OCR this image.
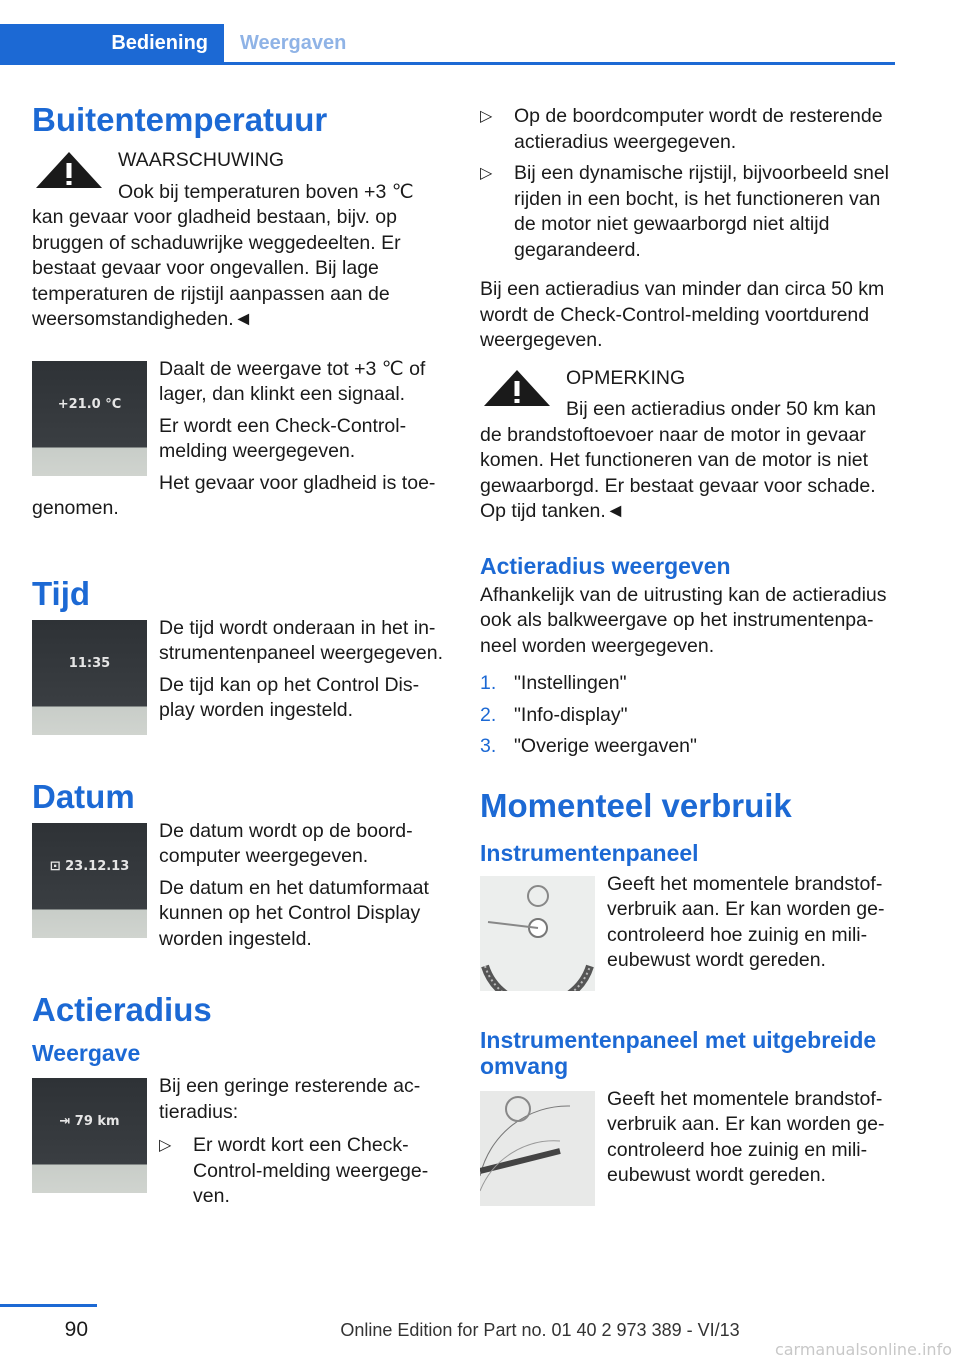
Bediening	Weergaven
Buitentemperatuur

WAARSCHUWING

Ook bij temperaturen boven +3 ℃ kan gevaar voor gladheid bestaan, bijv. op bruggen of schaduwrijke weggedeelten. Er bestaat gevaar voor ongevallen. Bij lage temperaturen de rijstijl aanpassen aan de weersomstandigheden.◄

+21.0 °C

Daalt de weergave tot +3 ℃ of lager, dan klinkt een signaal.

Er wordt een Check-Control-melding weergegeven.

Het gevaar voor gladheid is toegenomen.

Tijd
11:35

De tijd wordt onderaan in het instrumentenpaneel weergegeven.

De tijd kan op het Control Display worden ingesteld.

Datum
⊡ 23.12.13

De datum wordt op de boordcomputer weergegeven.

De datum en het datumformaat kunnen op het Control Display worden ingesteld.

Actieradius
Weergave
⇥ 79 km

Bij een geringe resterende actieradius:

▷ Er wordt kort een Check-Control-melding weergegeven.
▷ Op de boordcomputer wordt de resterende actieradius weergegeven.
▷ Bij een dynamische rijstijl, bijvoorbeeld snel rijden in een bocht, is het functioneren van de motor niet gewaarborgd niet altijd gegarandeerd.

Bij een actieradius van minder dan circa 50 km wordt de Check-Control-melding voortdurend weergegeven.

OPMERKING

Bij een actieradius onder 50 km kan de brandstoftoevoer naar de motor in gevaar komen. Het functioneren van de motor is niet gewaarborgd. Er bestaat gevaar voor schade. Op tijd tanken.◄

Actieradius weergeven

Afhankelijk van de uitrusting kan de actieradius ook als balkweergave op het instrumentenpaneel worden weergegeven.

1. "Instellingen"
2. "Info-display"
3. "Overige weergaven"
Momenteel verbruik
Instrumentenpaneel

Geeft het momentele brandstofverbruik aan. Er kan worden gecontroleerd hoe zuinig en milieubewust wordt gereden.

Instrumentenpaneel met uitgebreide omvang

Geeft het momentele brandstofverbruik aan. Er kan worden gecontroleerd hoe zuinig en milieubewust wordt gereden.

90	Online Edition for Part no. 01 40 2 973 389 - VI/13
carmanualsonline.info
